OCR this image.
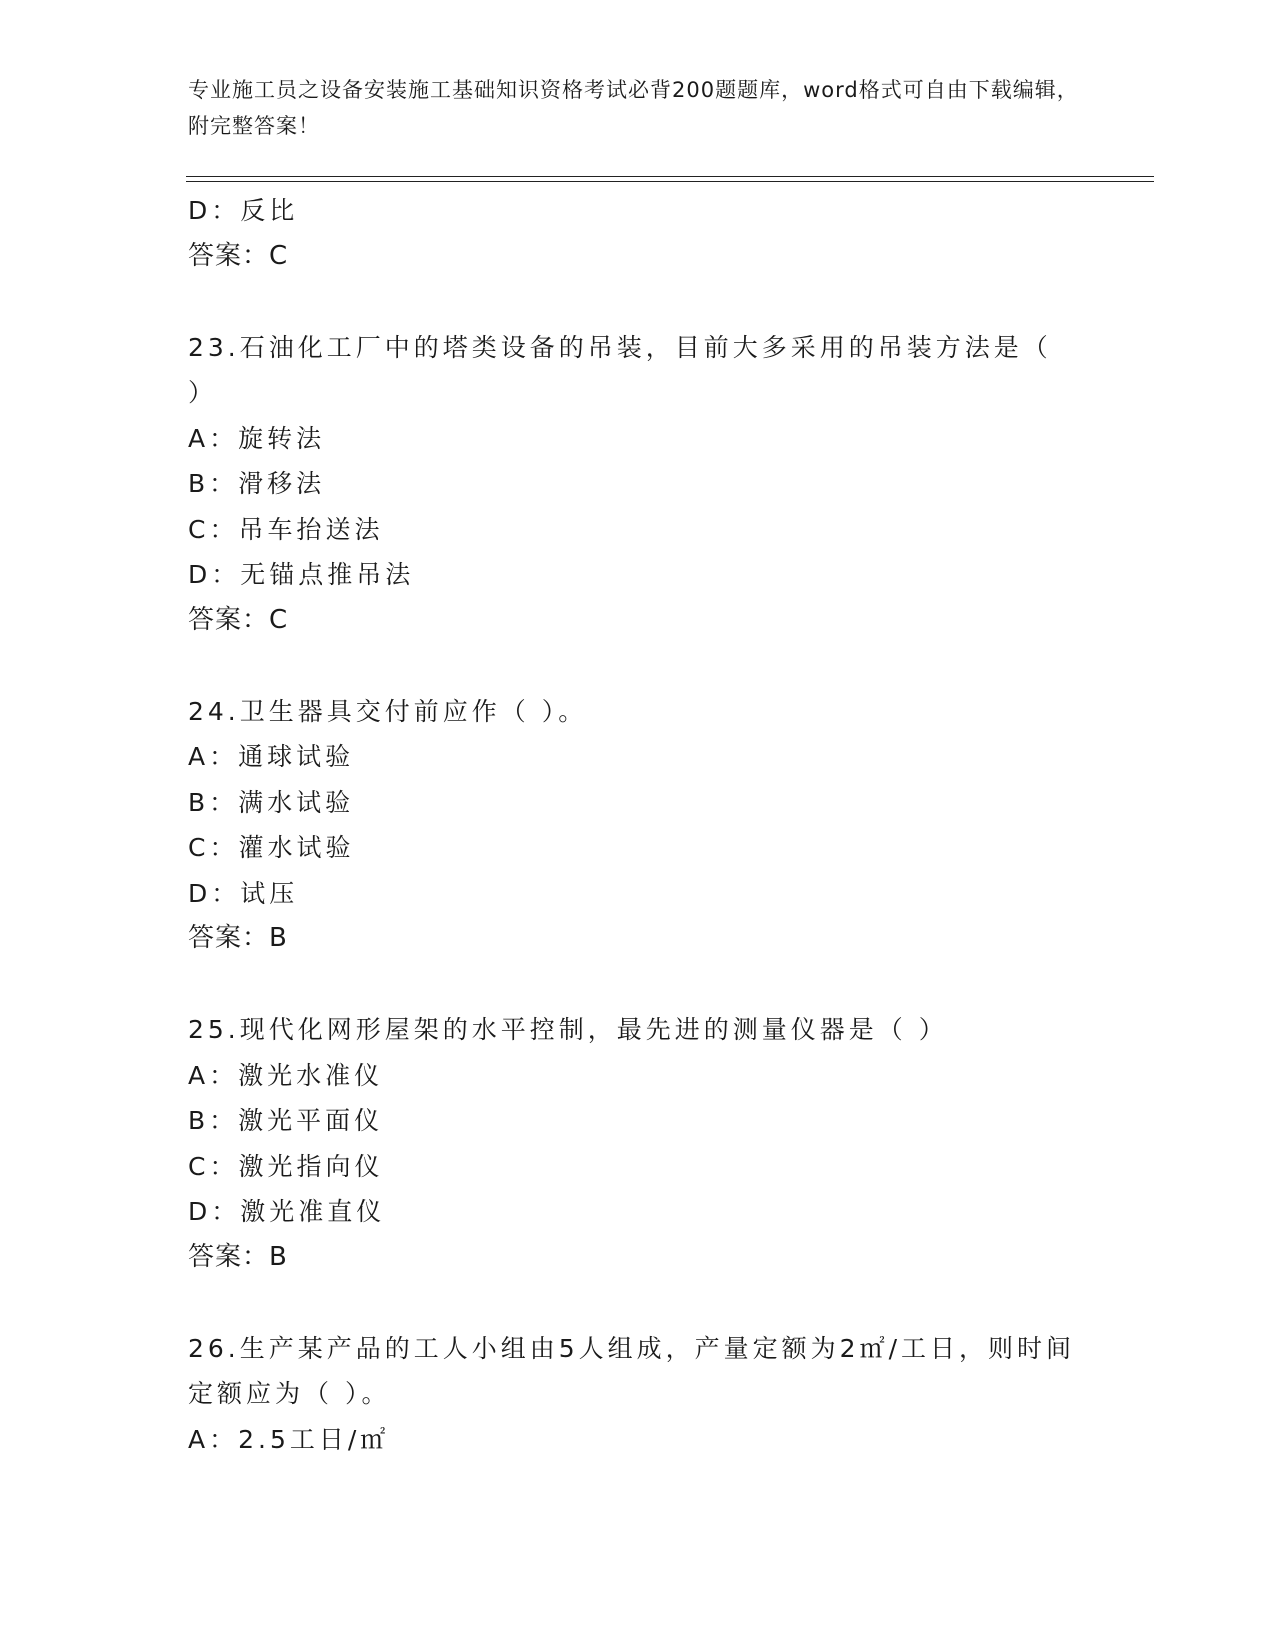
专业施工员之设备安装施工基础知识资格考试必背200题题库，word格式可自由下载编辑，附完整答案！
D：反比
答案：C
23.石油化工厂中的塔类设备的吊装，目前大多采用的吊装方法是（ ）
A：旋转法
B：滑移法
C：吊车抬送法
D：无锚点推吊法
答案：C
24.卫生器具交付前应作（ ）。
A：通球试验
B：满水试验
C：灌水试验
D：试压
答案：B
25.现代化网形屋架的水平控制，最先进的测量仪器是（ ）
A：激光水准仪
B：激光平面仪
C：激光指向仪
D：激光准直仪
答案：B
26.生产某产品的工人小组由5人组成，产量定额为2㎡/工日，则时间定额应为（ ）。
A：2.5工日/㎡
